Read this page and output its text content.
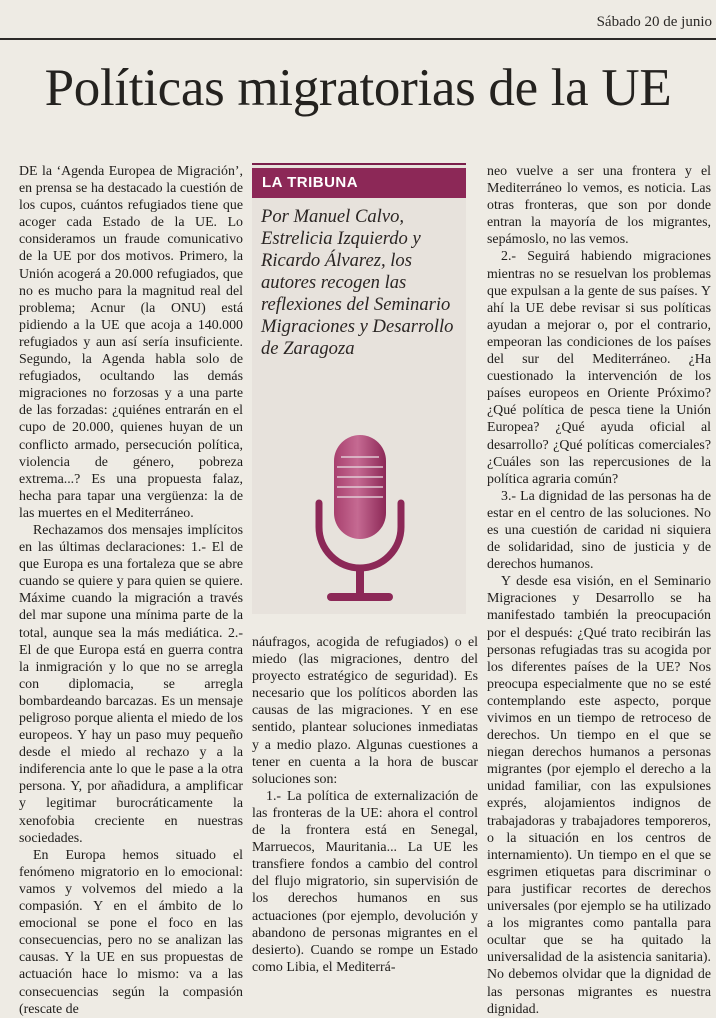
Sábado 20 de junio
Políticas migratorias de la UE

DE la ‘Agenda Europea de Migración’, en prensa se ha destacado la cuestión de los cupos, cuántos refugiados tiene que acoger cada Estado de la UE. Lo consideramos un fraude comunicativo de la UE por dos motivos. Primero, la Unión acogerá a 20.000 refugiados, que no es mucho para la magnitud real del problema; Acnur (la ONU) está pidiendo a la UE que acoja a 140.000 refugiados y aun así sería insuficiente. Segundo, la Agenda habla solo de refugiados, ocultando las demás migraciones no forzosas y a una parte de las forzadas: ¿quiénes entrarán en el cupo de 20.000, quienes huyan de un conflicto armado, persecución política, violencia de género, pobreza extrema...? Es una propuesta falaz, hecha para tapar una vergüenza: la de las muertes en el Mediterráneo.

Rechazamos dos mensajes implícitos en las últimas declaraciones: 1.- El de que Europa es una fortaleza que se abre cuando se quiere y para quien se quiere. Máxime cuando la migración a través del mar supone una mínima parte de la total, aunque sea la más mediática. 2.- El de que Europa está en guerra contra la inmigración y lo que no se arregla con diplomacia, se arregla bombardeando barcazas. Es un mensaje peligroso porque alienta el miedo de los europeos. Y hay un paso muy pequeño desde el miedo al rechazo y a la indiferencia ante lo que le pase a la otra persona. Y, por añadidura, a amplificar y legitimar burocráticamente la xenofobia creciente en nuestras sociedades.

En Europa hemos situado el fenómeno migratorio en lo emocional: vamos y volvemos del miedo a la compasión. Y en el ámbito de lo emocional se pone el foco en las consecuencias, pero no se analizan las causas. Y la UE en sus propuestas de actuación hace lo mismo: va a las consecuencias según la compasión (rescate de

LA TRIBUNA
Por Manuel Calvo, Estrelicia Izquierdo y Ricardo Álvarez, los autores recogen las reflexiones del Seminario Migraciones y Desarrollo de Zaragoza

náufragos, acogida de refugiados) o el miedo (las migraciones, dentro del proyecto estratégico de seguridad). Es necesario que los políticos aborden las causas de las migraciones. Y en ese sentido, plantear soluciones inmediatas y a medio plazo. Algunas cuestiones a tener en cuenta a la hora de buscar soluciones son:

1.- La política de externalización de las fronteras de la UE: ahora el control de la frontera está en Senegal, Marruecos, Mauritania... La UE les transfiere fondos a cambio del control del flujo migratorio, sin supervisión de los derechos humanos en sus actuaciones (por ejemplo, devolución y abandono de personas migrantes en el desierto). Cuando se rompe un Estado como Libia, el Mediterrá-

neo vuelve a ser una frontera y el Mediterráneo lo vemos, es noticia. Las otras fronteras, que son por donde entran la mayoría de los migrantes, sepámoslo, no las vemos.

2.- Seguirá habiendo migraciones mientras no se resuelvan los problemas que expulsan a la gente de sus países. Y ahí la UE debe revisar si sus políticas ayudan a mejorar o, por el contrario, empeoran las condiciones de los países del sur del Mediterráneo. ¿Ha cuestionado la intervención de los países europeos en Oriente Próximo? ¿Qué política de pesca tiene la Unión Europea? ¿Qué ayuda oficial al desarrollo? ¿Qué políticas comerciales? ¿Cuáles son las repercusiones de la política agraria común?

3.- La dignidad de las personas ha de estar en el centro de las soluciones. No es una cuestión de caridad ni siquiera de solidaridad, sino de justicia y de derechos humanos.

Y desde esa visión, en el Seminario Migraciones y Desarrollo se ha manifestado también la preocupación por el después: ¿Qué trato recibirán las personas refugiadas tras su acogida por los diferentes países de la UE? Nos preocupa especialmente que no se esté contemplando este aspecto, porque vivimos en un tiempo de retroceso de derechos. Un tiempo en el que se niegan derechos humanos a personas migrantes (por ejemplo el derecho a la unidad familiar, con las expulsiones exprés, alojamientos indignos de trabajadoras y trabajadores temporeros, o la situación en los centros de internamiento). Un tiempo en el que se esgrimen etiquetas para discriminar o para justificar recortes de derechos universales (por ejemplo se ha utilizado a los migrantes como pantalla para ocultar que se ha quitado la universalidad de la asistencia sanitaria). No debemos olvidar que la dignidad de las personas migrantes es nuestra dignidad.
